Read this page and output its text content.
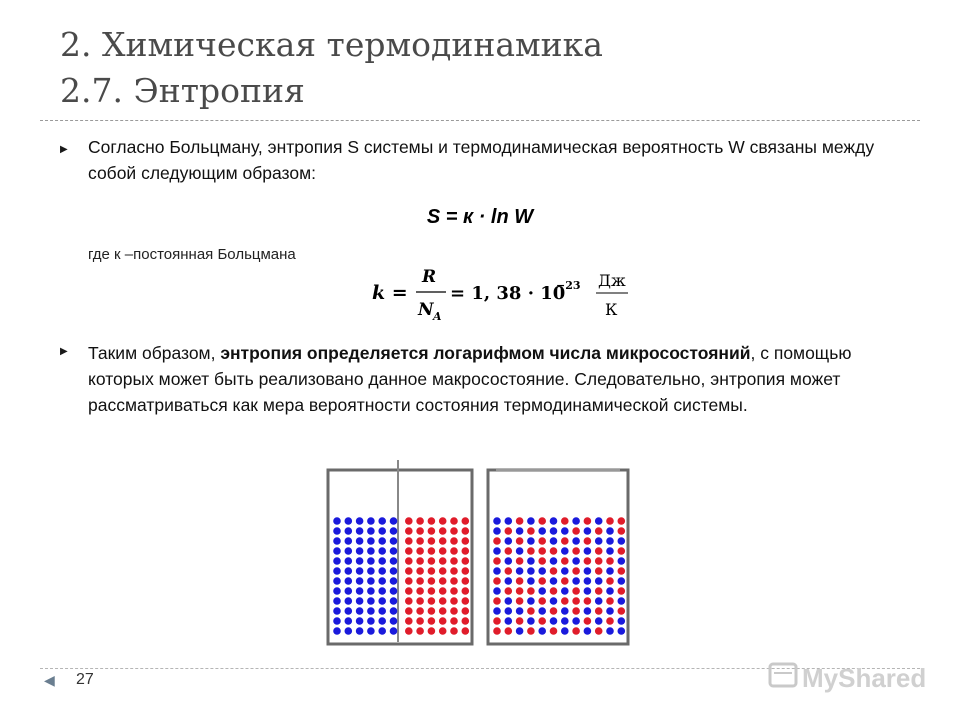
2. Химическая термодинамика
2.7. Энтропия
▶ Согласно Больцману, энтропия S системы и термодинамическая вероятность W связаны между собой следующим образом:
S = к · ln W
где к –постоянная Больцмана
𝒌 =
𝑹
𝑵 𝑨
= 𝟏, 𝟑𝟖 · 𝟏𝟎
−𝟐𝟑 Дж
К
▶ Таким образом, энтропия определяется логарифмом числа микросостояний, с помощью которых может быть реализовано данное макросостояние. Следовательно, энтропия может рассматриваться как мера вероятности состояния термодинамической системы.
◀ 27	MyShared
